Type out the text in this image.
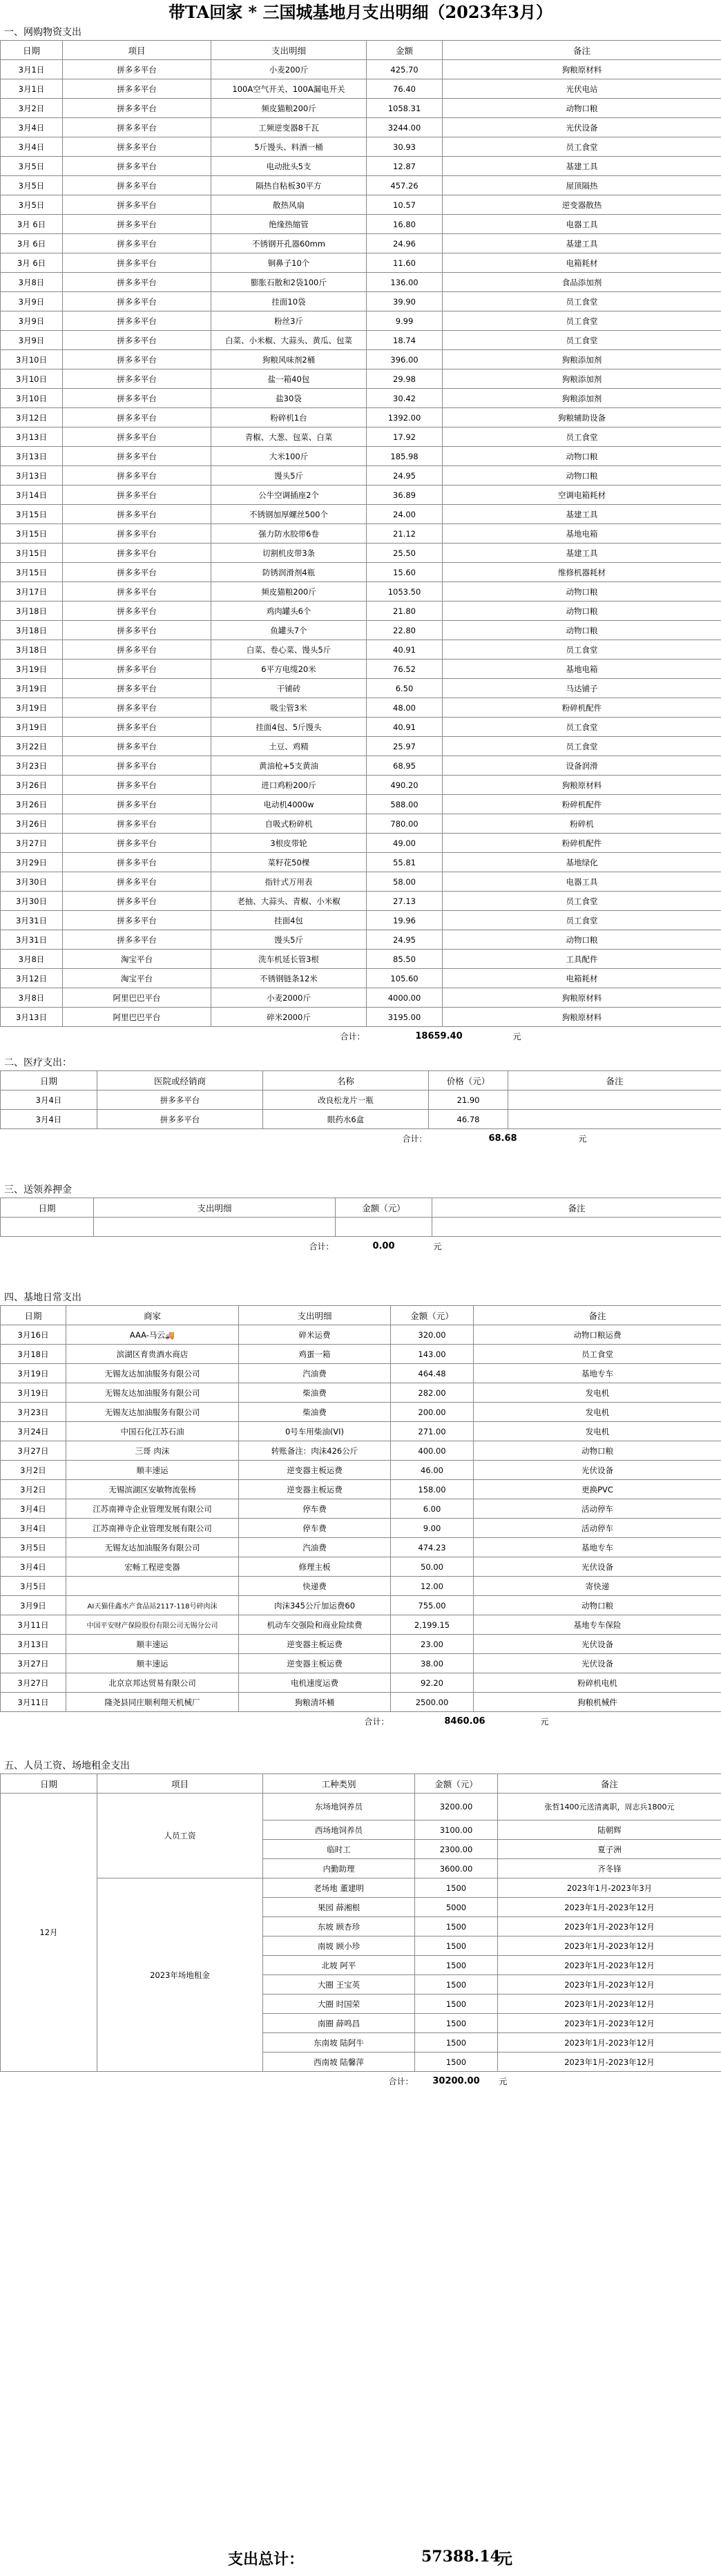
带TA回家 * 三国城基地月支出明细（2023年3月）
一、网购物资支出
日期	项目	支出明细	金额	备注	
3月1日	拼多多平台	小麦200斤	425.70	狗粮原材料	
3月1日	拼多多平台	100A空气开关、100A漏电开关	76.40	光伏电站	
3月2日	拼多多平台	频皮猫粮200斤	1058.31	动物口粮	
3月4日	拼多多平台	工频逆变器8千瓦	3244.00	光伏设备	
3月4日	拼多多平台	5斤馒头、料酒一桶	30.93	员工食堂	
3月5日	拼多多平台	电动批头5支	12.87	基建工具	
3月5日	拼多多平台	隔热自粘板30平方	457.26	屋顶隔热	
3月5日	拼多多平台	散热风扇	10.57	逆变器散热	
3月 6日	拼多多平台	绝缘热缩管	16.80	电器工具	
3月 6日	拼多多平台	不锈钢开孔器60mm	24.96	基建工具	
3月 6日	拼多多平台	铜鼻子10个	11.60	电箱耗材	
3月8日	拼多多平台	膨胀石散和2袋100斤	136.00	食品添加剂	
3月9日	拼多多平台	挂面10袋	39.90	员工食堂	
3月9日	拼多多平台	粉丝3斤	9.99	员工食堂	
3月9日	拼多多平台	白菜、小米椒、大蒜头、黄瓜、包菜	18.74	员工食堂	
3月10日	拼多多平台	狗粮风味剂2桶	396.00	狗粮添加剂	
3月10日	拼多多平台	盐一箱40包	29.98	狗粮添加剂	
3月10日	拼多多平台	盐30袋	30.42	狗粮添加剂	
3月12日	拼多多平台	粉碎机1台	1392.00	狗粮辅助设备	
3月13日	拼多多平台	青椒、大葱、包菜、白菜	17.92	员工食堂	
3月13日	拼多多平台	大米100斤	185.98	动物口粮	
3月13日	拼多多平台	馒头5斤	24.95	动物口粮	
3月14日	拼多多平台	公牛空调插座2个	36.89	空调电箱耗材	
3月15日	拼多多平台	不锈钢加厚螺丝500个	24.00	基建工具	
3月15日	拼多多平台	强力防水胶带6卷	21.12	基地电箱	
3月15日	拼多多平台	切割机皮带3条	25.50	基建工具	
3月15日	拼多多平台	防锈润滑剂4瓶	15.60	维修机器耗材	
3月17日	拼多多平台	频皮猫粮200斤	1053.50	动物口粮	
3月18日	拼多多平台	鸡肉罐头6个	21.80	动物口粮	
3月18日	拼多多平台	鱼罐头7个	22.80	动物口粮	
3月18日	拼多多平台	白菜、卷心菜、馒头5斤	40.91	员工食堂	
3月19日	拼多多平台	6平方电缆20米	76.52	基地电箱	
3月19日	拼多多平台	干铺砖	6.50	马达铺子	
3月19日	拼多多平台	吸尘管3米	48.00	粉碎机配件	
3月19日	拼多多平台	挂面4包、5斤馒头	40.91	员工食堂	
3月22日	拼多多平台	土豆、鸡精	25.97	员工食堂	
3月23日	拼多多平台	黄油枪+5支黄油	68.95	设备润滑	
3月26日	拼多多平台	进口鸡粉200斤	490.20	狗粮原材料	
3月26日	拼多多平台	电动机4000w	588.00	粉碎机配件	
3月26日	拼多多平台	自吸式粉碎机	780.00	粉碎机	
3月27日	拼多多平台	3根皮带轮	49.00	粉碎机配件	
3月29日	拼多多平台	菜籽花50棵	55.81	基地绿化	
3月30日	拼多多平台	指针式万用表	58.00	电器工具	
3月30日	拼多多平台	老抽、大蒜头、青椒、小米椒	27.13	员工食堂	
3月31日	拼多多平台	挂面4包	19.96	员工食堂	
3月31日	拼多多平台	馒头5斤	24.95	动物口粮	
3月8日	淘宝平台	洗车机延长管3根	85.50	工具配件	
3月12日	淘宝平台	不锈钢链条12米	105.60	电箱耗材	
3月8日	阿里巴巴平台	小麦2000斤	4000.00	狗粮原材料	
3月13日	阿里巴巴平台	碎米2000斤	3195.00	狗粮原材料	
合计：			18659.40		元
二、医疗支出：
日期	医院或经销商	名称	价格（元）	备注	
3月4日	拼多多平台	改良松龙片一瓶	21.90		
3月4日	拼多多平台	眼药水6盒	46.78		
合计：			68.68		元
三、送领养押金
日期	支出明细	金额（元）	备注

合计：		0.00	元
四、基地日常支出
日期	商家	支出明细	金额（元）	备注	
3月16日	AAA-马云🚚	碎米运费	320.00	动物口粮运费	
3月18日	滨湖区育贵酒水商店	鸡蛋一箱	143.00	员工食堂	
3月19日	无锡友达加油服务有限公司	汽油费	464.48	基地专车	
3月19日	无锡友达加油服务有限公司	柴油费	282.00	发电机	
3月23日	无锡友达加油服务有限公司	柴油费	200.00	发电机	
3月24日	中国石化江苏石油	0号车用柴油(VI)	271.00	发电机	
3月27日	三哥 肉沫	转账备注：肉沫426公斤	400.00	动物口粮	
3月2日	顺丰速运	逆变器主板运费	46.00	光伏设备	
3月2日	无锡滨湖区安敏物流张杨	逆变器主板运费	158.00	更换PVC	
3月4日	江苏南禅寺企业管理发展有限公司	停车费	6.00	活动停车	
3月4日	江苏南禅寺企业管理发展有限公司	停车费	9.00	活动停车	
3月5日	无锡友达加油服务有限公司	汽油费	474.23	基地专车	
3月4日	宏畅工程逆变器	修理主板	50.00	光伏设备	
3月5日		快递费	12.00	寄快递	
3月9日	AI天猫佳鑫水产食品站2117-118号碎肉沫	肉沫345公斤加运费60	755.00	动物口粮	
3月11日	中国平安财产保险股份有限公司无锡分公司	机动车交强险和商业险续费	2,199.15	基地专车保险	
3月13日	顺丰速运	逆变器主板运费	23.00	光伏设备	
3月27日	顺丰速运	逆变器主板运费	38.00	光伏设备	
3月27日	北京京邦达贸易有限公司	电机速度运费	92.20	粉碎机电机	
3月11日	隆尧县同庄顺利翔天机械厂	狗粮清坏桶	2500.00	狗粮机械件	
合计：			8460.06		元
五、人员工资、场地租金支出
日期	项目	工种类别	金额（元）	备注
12月	人员工资	东场地饲养员	3200.00	张哲1400元送清离职，周志兵1800元
		西场地饲养员	3100.00	陆朝辉
		临时工	2300.00	夏子洲
		内勤助理	3600.00	齐冬锋
	2023年场地租金	老场地 董建明	1500	2023年1月-2023年3月
		果园 薛湘根	5000	2023年1月-2023年12月
		东坡 顾杏珍	1500	2023年1月-2023年12月
		南坡 顾小珍	1500	2023年1月-2023年12月
		北坡 阿平	1500	2023年1月-2023年12月
		大圈 王宝英	1500	2023年1月-2023年12月
		大圈 时国荣	1500	2023年1月-2023年12月
		南圈 薛鸣昌	1500	2023年1月-2023年12月
		东南坡 陆阿牛	1500	2023年1月-2023年12月
		西南坡 陆馨萍	1500	2023年1月-2023年12月
合计：			30200.00	元
支出总计：	57388.14
元
